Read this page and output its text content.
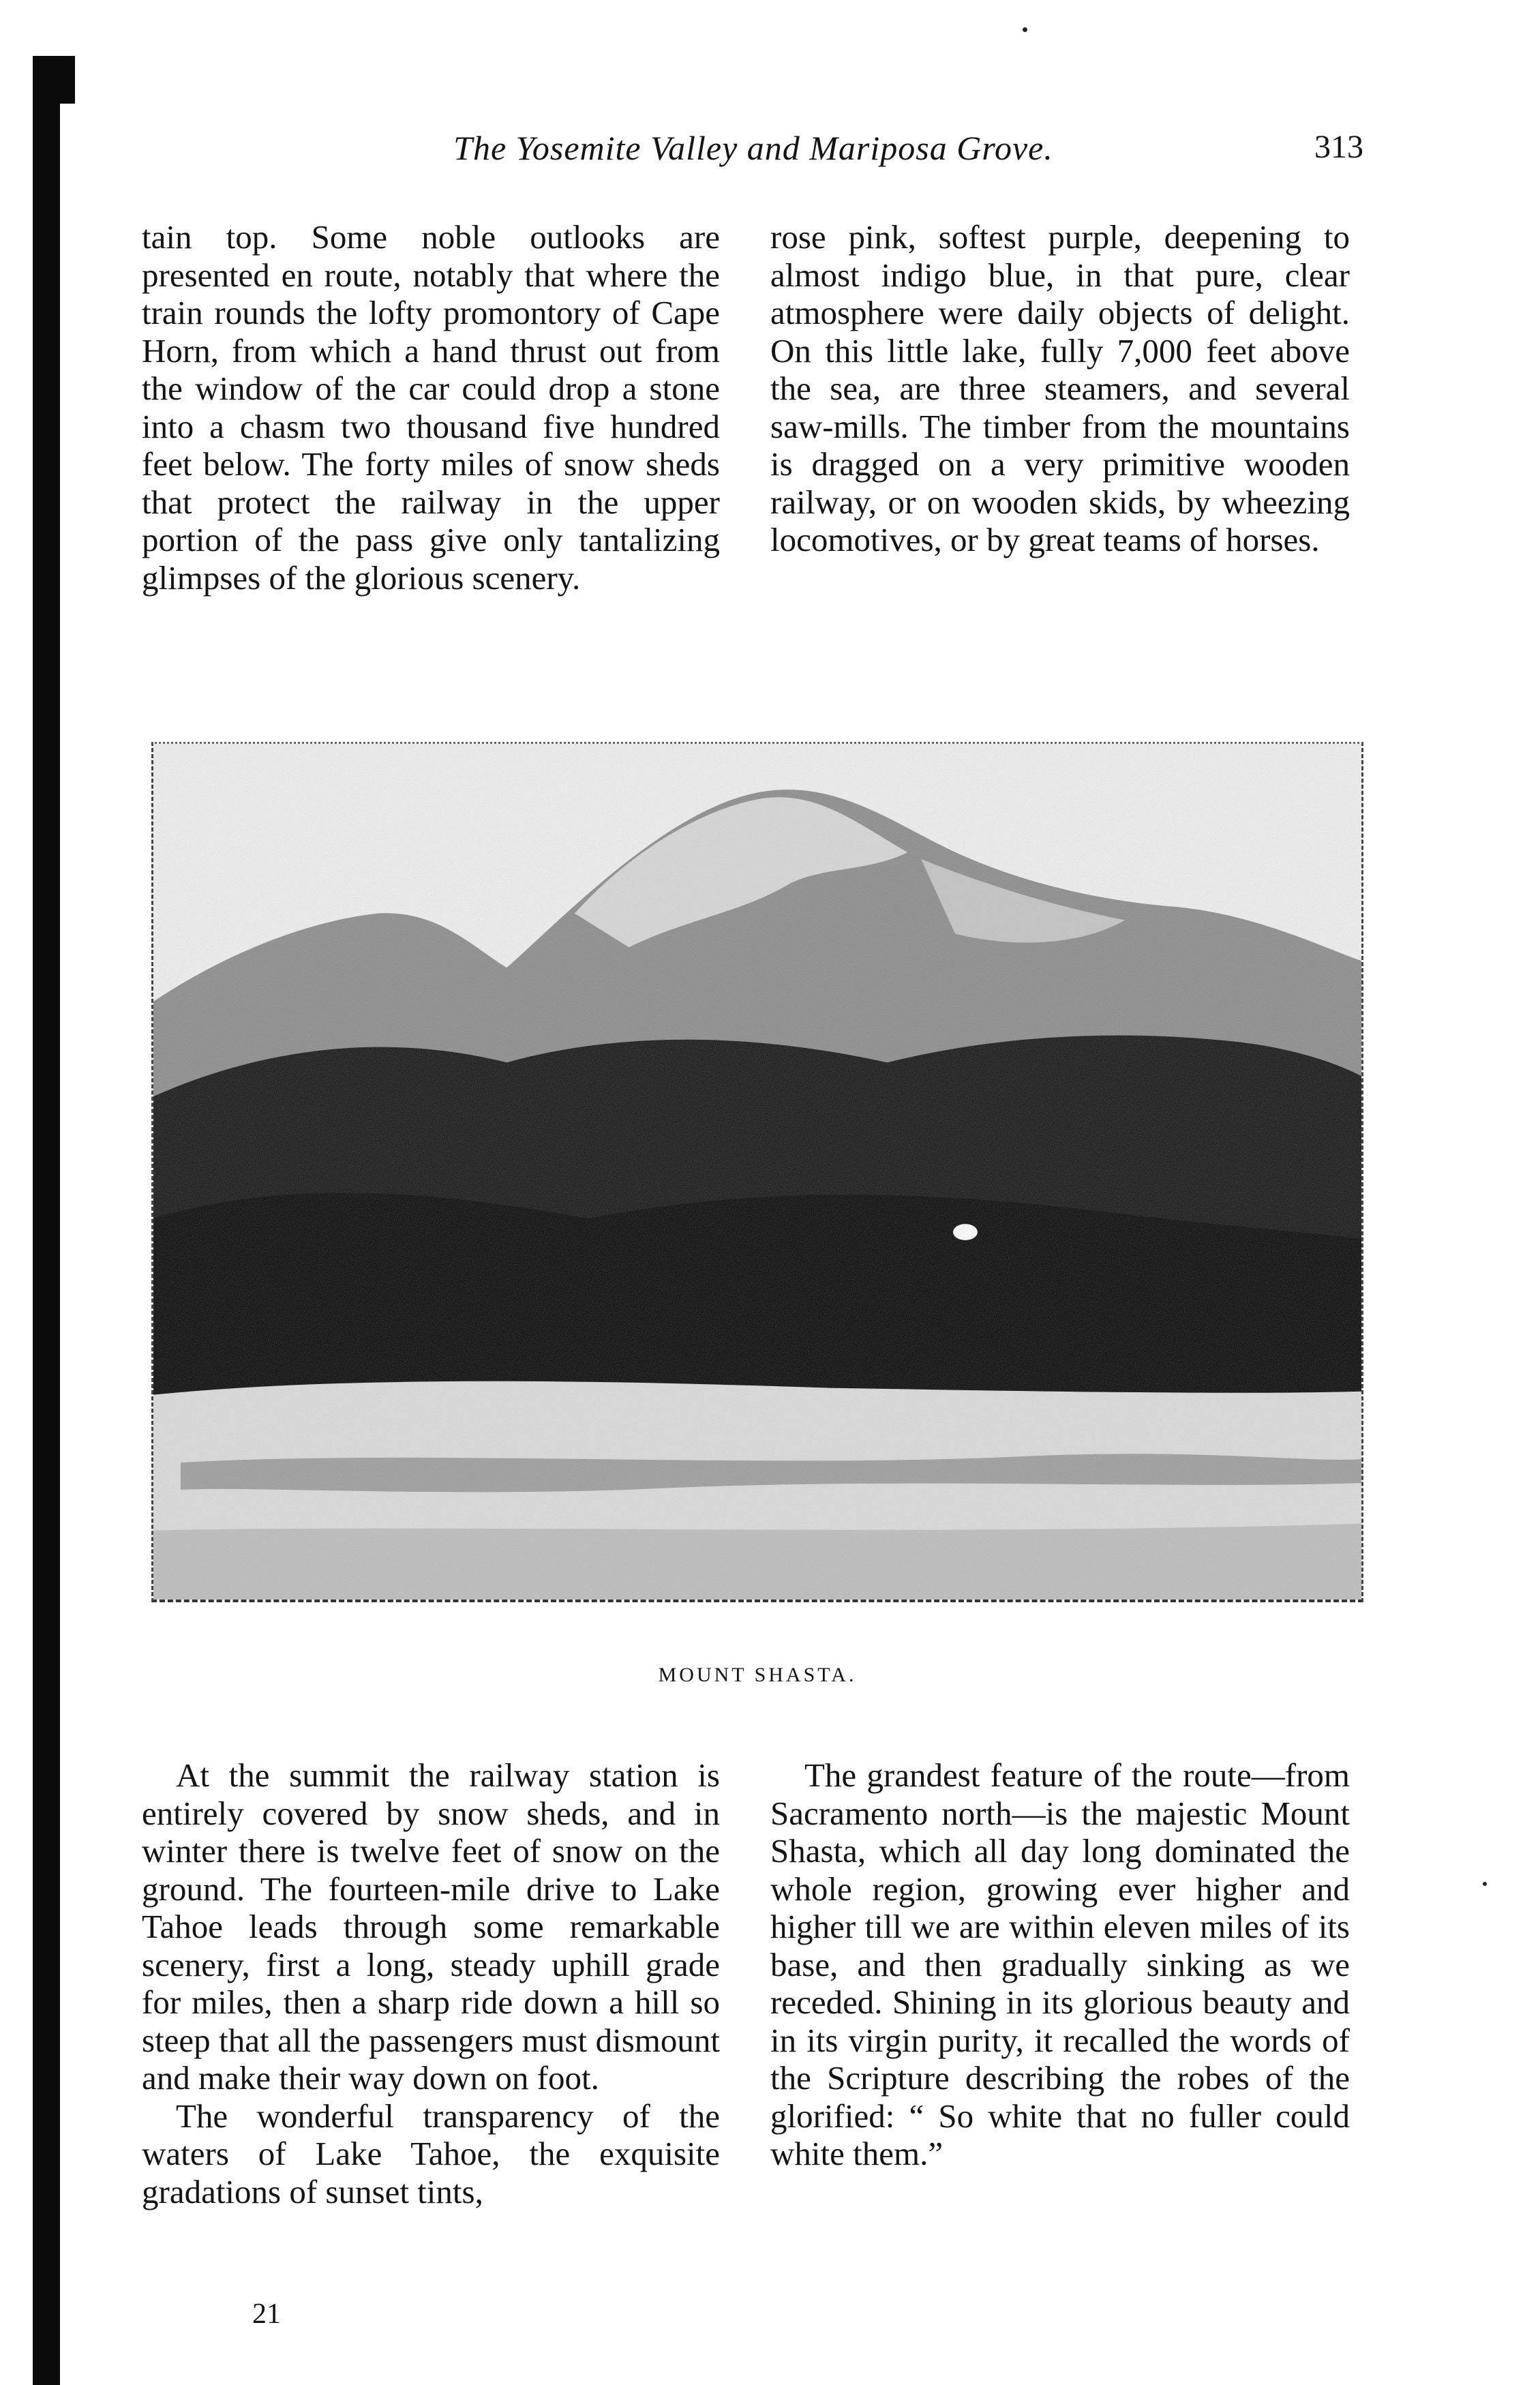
The Yosemite Valley and Mariposa Grove.	313

tain top. Some noble outlooks are presented en route, notably that where the train rounds the lofty promontory of Cape Horn, from which a hand thrust out from the window of the car could drop a stone into a chasm two thousand five hundred feet below. The forty miles of snow sheds that protect the railway in the upper portion of the pass give only tantalizing glimpses of the glorious scenery.

rose pink, softest purple, deepening to almost indigo blue, in that pure, clear atmosphere were daily objects of delight. On this little lake, fully 7,000 feet above the sea, are three steamers, and several saw-mills. The timber from the mountains is dragged on a very primitive wooden railway, or on wooden skids, by wheezing locomotives, or by great teams of horses.

MOUNT SHASTA.

At the summit the railway station is entirely covered by snow sheds, and in winter there is twelve feet of snow on the ground. The fourteen-mile drive to Lake Tahoe leads through some remarkable scenery, first a long, steady uphill grade for miles, then a sharp ride down a hill so steep that all the passengers must dismount and make their way down on foot.

The wonderful transparency of the waters of Lake Tahoe, the exquisite gradations of sunset tints,

The grandest feature of the route—from Sacramento north—is the majestic Mount Shasta, which all day long dominated the whole region, growing ever higher and higher till we are within eleven miles of its base, and then gradually sinking as we receded. Shining in its glorious beauty and in its virgin purity, it recalled the words of the Scripture describing the robes of the glorified: “ So white that no fuller could white them.”

21
